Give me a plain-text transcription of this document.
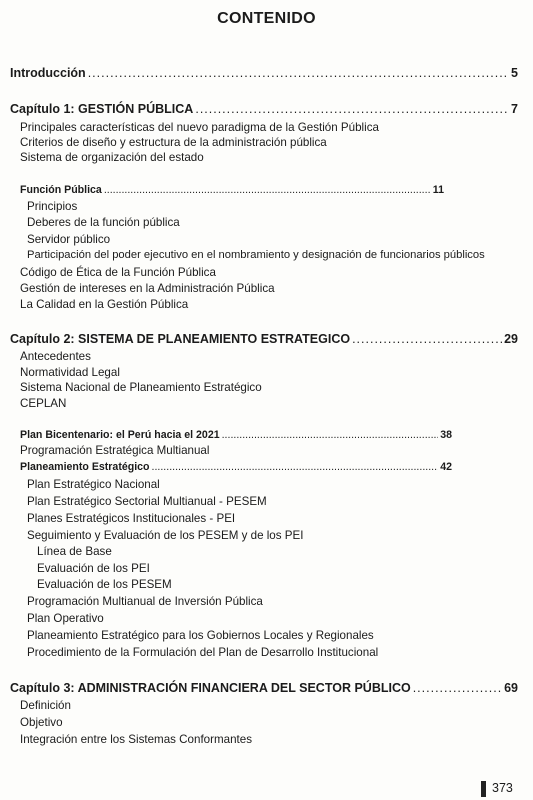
CONTENIDO
Introducción .....	5
Capítulo 1: GESTIÓN PÚBLICA .....	7
Principales características del nuevo paradigma de la Gestión Pública
Criterios de diseño y estructura de la administración pública
Sistema de organización del estado
Función Pública .....	11
Principios
Deberes de la función pública
Servidor público
Participación del poder ejecutivo en el nombramiento y designación de funcionarios públicos
Código de Ética de la Función Pública
Gestión de intereses en la Administración Pública
La Calidad en la Gestión Pública
Capítulo 2: SISTEMA DE PLANEAMIENTO ESTRATEGICO .....	29
Antecedentes
Normatividad Legal
Sistema Nacional de Planeamiento Estratégico
CEPLAN
Plan Bicentenario: el Perú hacia el 2021 .....	38
Programación Estratégica Multianual
Planeamiento Estratégico .....	42
Plan Estratégico Nacional
Plan Estratégico Sectorial Multianual - PESEM
Planes Estratégicos Institucionales - PEI
Seguimiento y Evaluación de los PESEM y de los PEI
Línea de Base
Evaluación de los PEI
Evaluación de los PESEM
Programación Multianual de Inversión Pública
Plan Operativo
Planeamiento Estratégico para los Gobiernos Locales y Regionales
Procedimiento de la Formulación del Plan de Desarrollo Institucional
Capítulo 3: ADMINISTRACIÓN FINANCIERA DEL SECTOR PÚBLICO .....	69
Definición
Objetivo
Integración entre los Sistemas Conformantes
373
